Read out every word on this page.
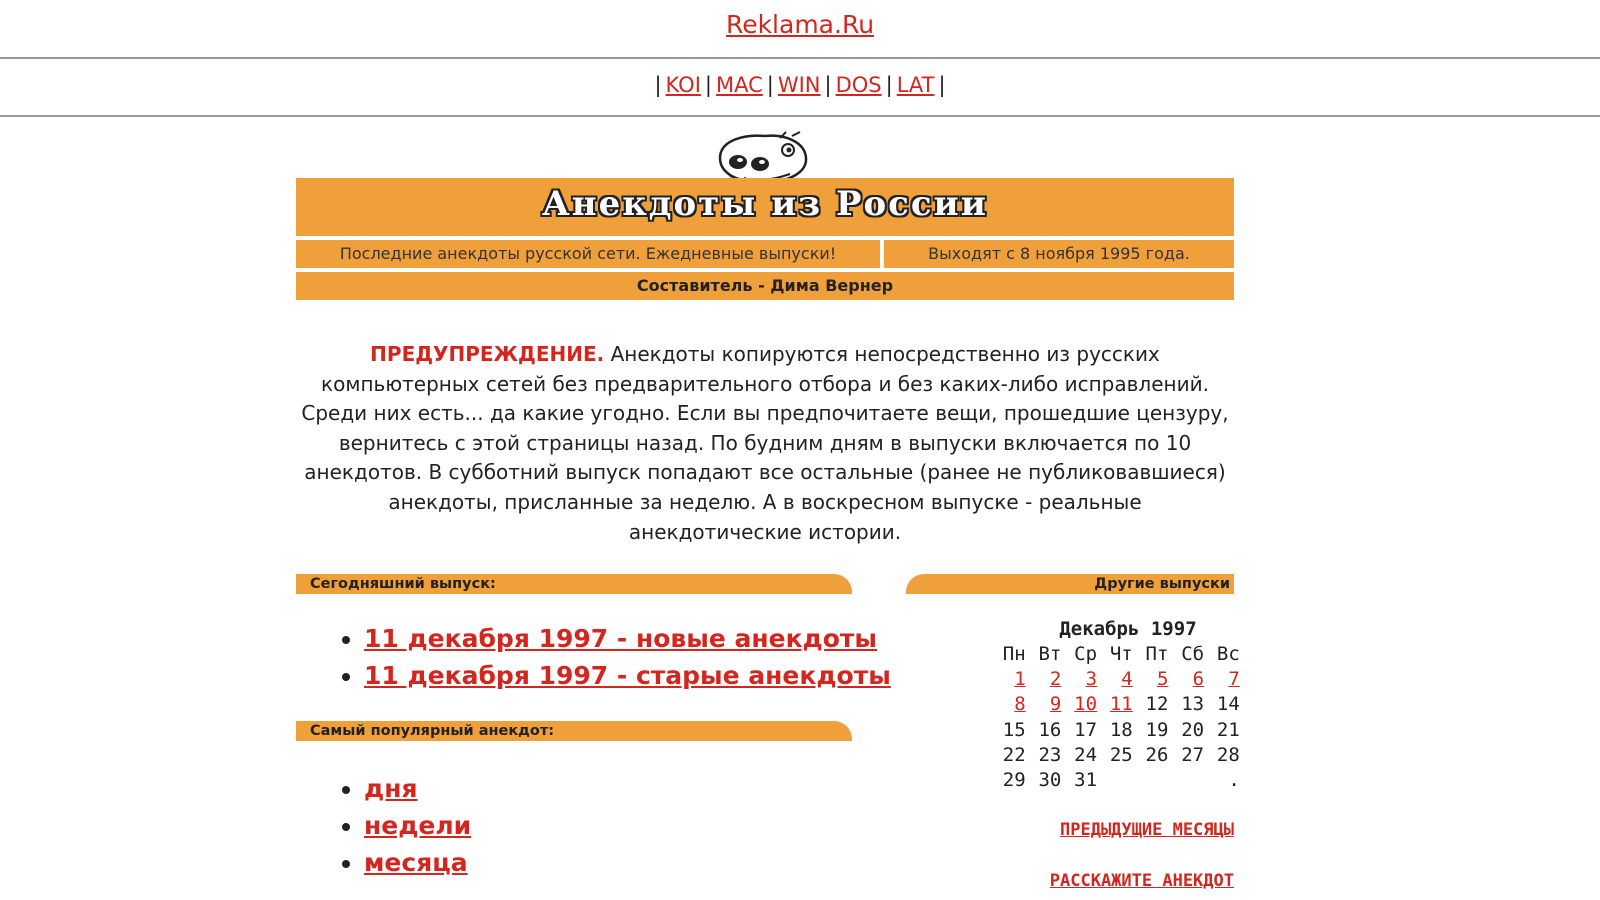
Reklama.Ru
| KOI | MAC | WIN | DOS | LAT |
Анекдоты из России
Последние анекдоты русской сети. Ежедневные выпуски!	Выходят с 8 ноября 1995 года.
Составитель - Дима Вернер
ПРЕДУПРЕЖДЕНИЕ. Анекдоты копируются непосредственно из русских компьютерных сетей без предварительного отбора и без каких-либо исправлений. Среди них есть... да какие угодно. Если вы предпочитаете вещи, прошедшие цензуру, вернитесь с этой страницы назад. По будним дням в выпуски включается по 10 анекдотов. В субботний выпуск попадают все остальные (ранее не публиковавшиеся) анекдоты, присланные за неделю. А в воскресном выпуске - реальные анекдотические истории.
Сегодняшний выпуск:
• 11 декабря 1997 - новые анекдоты
• 11 декабря 1997 - старые анекдоты
Самый популярный анекдот:
• дня
• недели
• месяца
Другие выпуски
Декабрь 1997
Пн Вт Ср Чт Пт Сб Вс
1	2	3	4	5	6	7
8	9 10 11 12 13 14
15 16 17 18 19 20 21
22 23 24 25 26 27 28
29 30 31	.
ПРЕДЫДУЩИЕ МЕСЯЦЫ
РАССКАЖИТЕ АНЕКДОТ
